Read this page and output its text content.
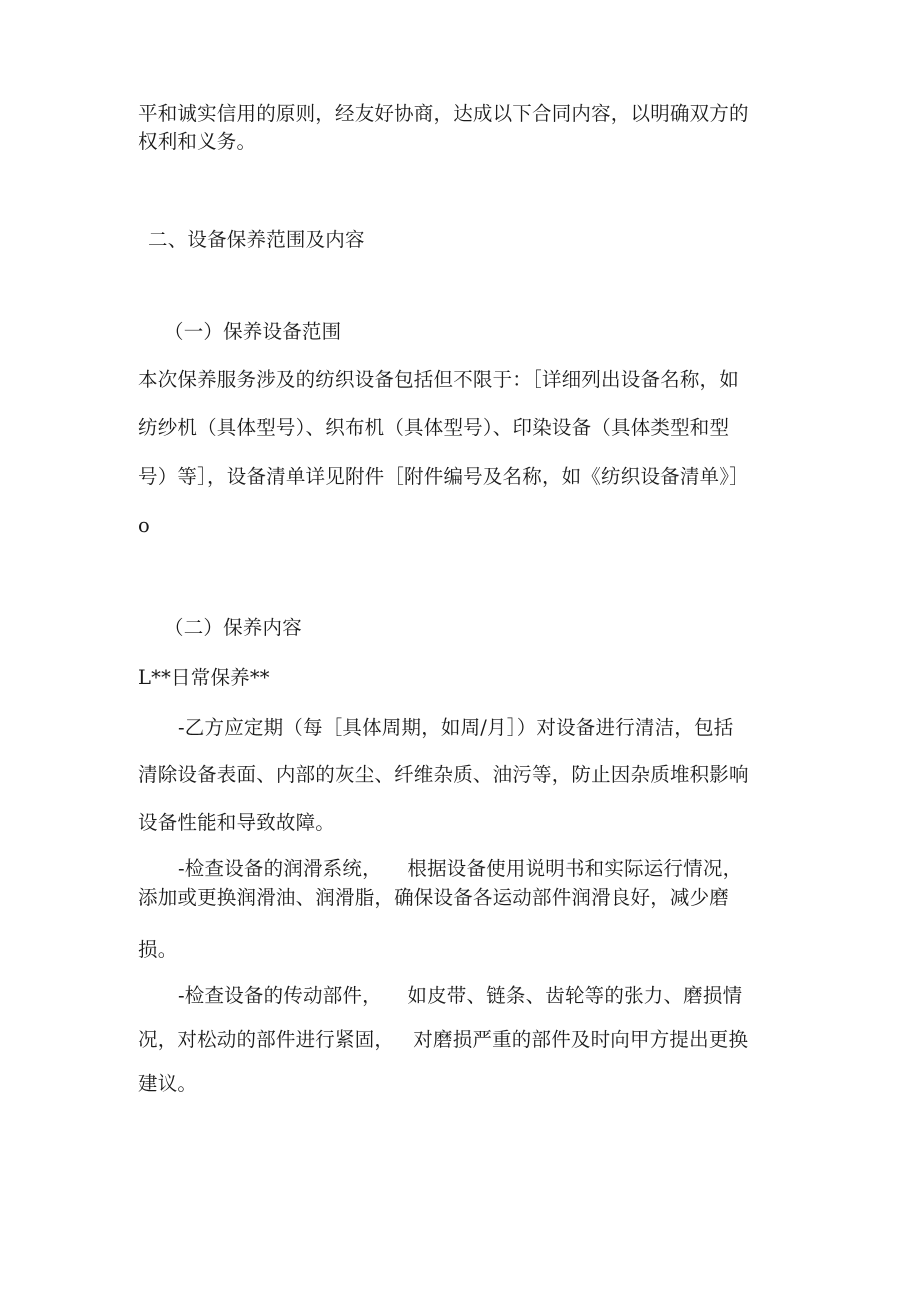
平和诚实信用的原则，经友好协商，达成以下合同内容，以明确双方的

权利和义务。

二、设备保养范围及内容

（一）保养设备范围

本次保养服务涉及的纺织设备包括但不限于：［详细列出设备名称，如

纺纱机（具体型号）、织布机（具体型号）、印染设备（具体类型和型

号）等］，设备清单详见附件［附件编号及名称，如《纺织设备清单》］

o

（二）保养内容

L**日常保养**

-乙方应定期（每［具体周期，如周/月］）对设备进行清洁，包括

清除设备表面、内部的灰尘、纤维杂质、油污等，防止因杂质堆积影响

设备性能和导致故障。

-检查设备的润滑系统，    根据设备使用说明书和实际运行情况，

添加或更换润滑油、润滑脂，确保设备各运动部件润滑良好，减少磨

损。

-检查设备的传动部件，    如皮带、链条、齿轮等的张力、磨损情

况，对松动的部件进行紧固，   对磨损严重的部件及时向甲方提出更换

建议。
